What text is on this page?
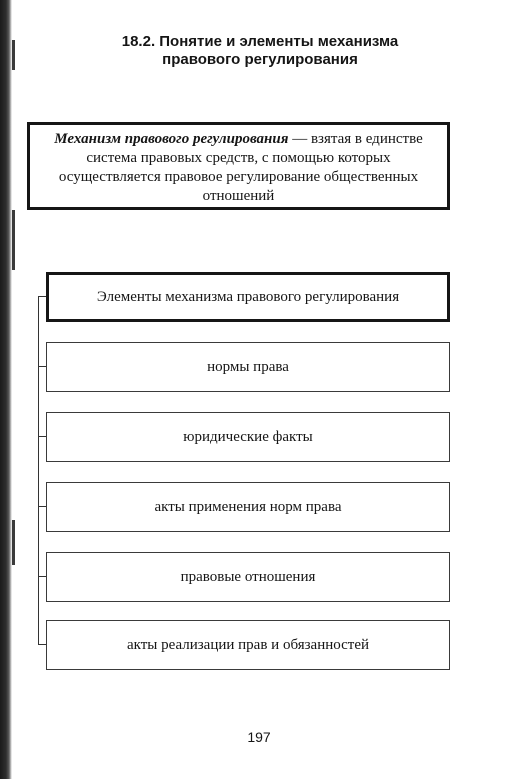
18.2. Понятие и элементы механизма
правового регулирования
Механизм правового регулирования — взятая в единстве
система правовых средств, с помощью которых
осуществляется правовое регулирование общественных
отношений
Элементы механизма правового регулирования
нормы права
юридические факты
акты применения норм права
правовые отношения
акты реализации прав и обязанностей
197
